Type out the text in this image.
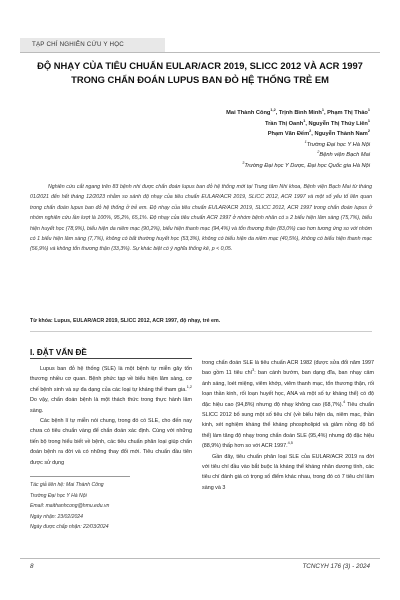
TẠP CHÍ NGHIÊN CỨU Y HỌC
ĐỘ NHẠY CỦA TIÊU CHUẨN EULAR/ACR 2019, SLICC 2012 VÀ ACR 1997 TRONG CHẨN ĐOÁN LUPUS BAN ĐỎ HỆ THỐNG TRẺ EM
Mai Thành Công$^{1,2}$, Trịnh Bình Minh$^1$, Phạm Thị Thảo$^1$
Trần Thị Oanh$^1$, Nguyễn Thị Thúy Liên$^1$
Phạm Văn Đếm$^2$, Nguyễn Thành Nam$^2$
$^1$Trường Đại học Y Hà Nội
$^2$Bệnh viện Bạch Mai
$^3$Trường Đại học Y Dược, Đại học Quốc gia Hà Nội

Nghiên cứu cắt ngang trên 83 bệnh nhi được chẩn đoán lupus ban đỏ hệ thống mới tại Trung tâm Nhi khoa, Bệnh viện Bạch Mai từ tháng 01/2021 đến hết tháng 12/2023 nhằm so sánh độ nhạy của tiêu chuẩn EULAR/ACR 2019, SLICC 2012, ACR 1997 và một số yếu tố liên quan trong chẩn đoán lupus ban đỏ hệ thống ở trẻ em. Độ nhạy của tiêu chuẩn EULAR/ACR 2019, SLICC 2012, ACR 1997 trong chẩn đoán lupus ở nhóm nghiên cứu lần lượt là 100%, 95,2%, 65,1%. Độ nhạy của tiêu chuẩn ACR 1997 ở nhóm bệnh nhân có ≥ 2 biểu hiện lâm sàng (75,7%), biểu hiện huyết học (78,9%), biểu hiện da niêm mạc (90,2%), biểu hiện thanh mạc (94,4%) và tổn thương thận (83,0%) cao hơn tương ứng so với nhóm có 1 biểu hiện lâm sàng (7,7%), không có bất thường huyết học (53,3%), không có biểu hiện da niêm mạc (40,5%), không có biểu hiện thanh mạc (56,9%) và không tổn thương thận (33,3%). Sự khác biệt có ý nghĩa thống kê, p < 0,05.

Từ khóa: Lupus, EULAR/ACR 2019, SLICC 2012, ACR 1997, độ nhạy, trẻ em.
I. ĐẶT VẤN ĐỀ

Lupus ban đỏ hệ thống (SLE) là một bệnh tự miễn gây tổn thương nhiều cơ quan. Bệnh phức tạp về biểu hiện lâm sàng, cơ chế bệnh sinh và sự đa dạng của các loại tự kháng thể tham gia.$^{1,2}$ Do vậy, chẩn đoán bệnh là một thách thức trong thực hành lâm sàng.

Các bệnh lí tự miễn nói chung, trong đó có SLE, cho đến nay chưa có tiêu chuẩn vàng để chẩn đoán xác định. Cùng với những tiến bộ trong hiểu biết về bệnh, các tiêu chuẩn phân loại giúp chẩn đoán bệnh ra đời và có những thay đổi mới. Tiêu chuẩn đầu tiên được sử dụng

Tác giả liên hệ: Mai Thành Công
Trường Đại học Y Hà Nội
Email: maithanhcong@hmu.edu.vn
Ngày nhận: 23/02/2024
Ngày được chấp nhận: 22/03/2024

trong chẩn đoán SLE là tiêu chuẩn ACR 1982 (được sửa đổi năm 1997 bao gồm 11 tiêu chí$^3$: ban cánh bướm, ban dạng đĩa, ban nhạy cảm ánh sáng, loét miệng, viêm khớp, viêm thanh mạc, tổn thương thận, rối loạn thần kinh, rối loạn huyết học, ANA và một số tự kháng thể) có độ đặc hiệu cao (94,8%) nhưng độ nhạy không cao (68,7%).$^4$ Tiêu chuẩn SLICC 2012 bổ sung một số tiêu chí (về biểu hiện da, niêm mạc, thần kinh, xét nghiệm kháng thể kháng phospholipid và giảm nồng độ bổ thể) làm tăng độ nhạy trong chẩn đoán SLE (95,4%) nhưng độ đặc hiệu (88,9%) thấp hơn so với ACR 1997.$^{4,5}$

Gần đây, tiêu chuẩn phân loại SLE của EULAR/ACR 2019 ra đời với tiêu chí đầu vào bắt buộc là kháng thể kháng nhân dương tính, các tiêu chí đánh giá có trọng số điểm khác nhau, trong đó có 7 tiêu chí lâm sàng và 3

8	TCNCYH 176 (3) - 2024
